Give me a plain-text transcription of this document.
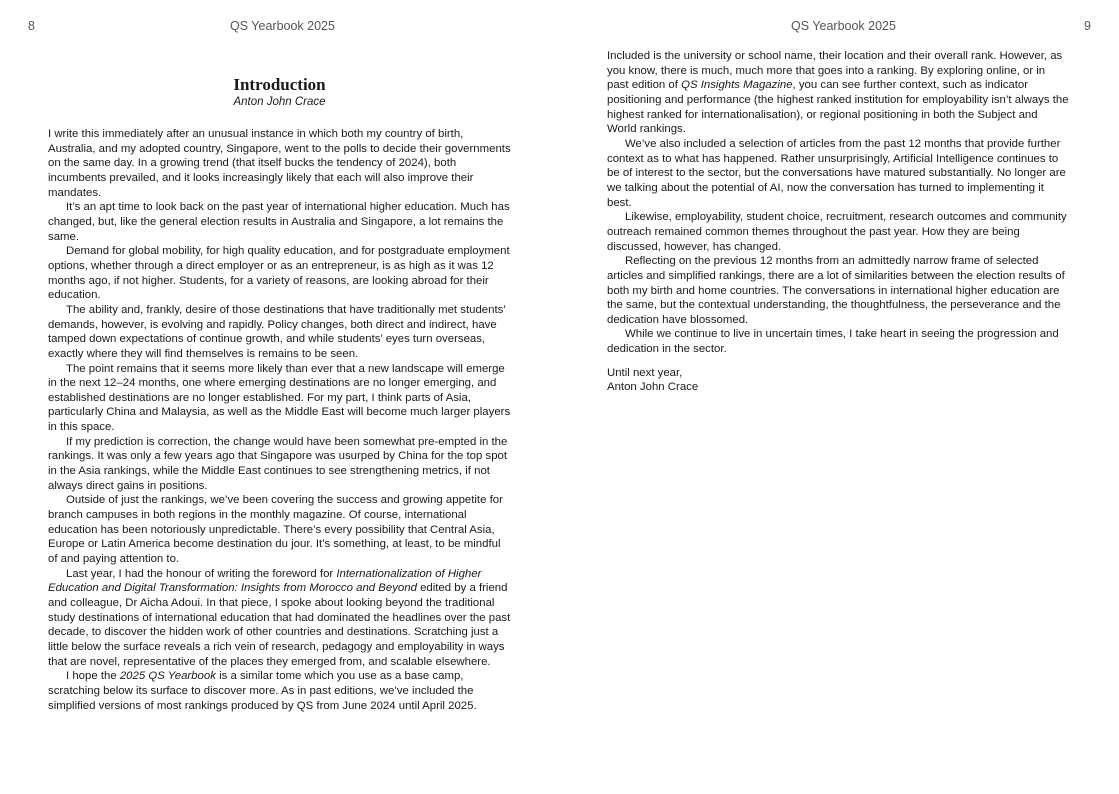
8	QS Yearbook 2025
Introduction
Anton John Crace

I write this immediately after an unusual instance in which both my country of birth, Australia, and my adopted country, Singapore, went to the polls to decide their governments on the same day. In a growing trend (that itself bucks the tendency of 2024), both incumbents prevailed, and it looks increasingly likely that each will also improve their mandates.

It’s an apt time to look back on the past year of international higher education. Much has changed, but, like the general election results in Australia and Singapore, a lot remains the same.

Demand for global mobility, for high quality education, and for postgraduate employment options, whether through a direct employer or as an entrepreneur, is as high as it was 12 months ago, if not higher. Students, for a variety of reasons, are looking abroad for their education.

The ability and, frankly, desire of those destinations that have traditionally met students’ demands, however, is evolving and rapidly. Policy changes, both direct and indirect, have tamped down expectations of continue growth, and while students’ eyes turn overseas, exactly where they will find themselves is remains to be seen.

The point remains that it seems more likely than ever that a new landscape will emerge in the next 12–24 months, one where emerging destinations are no longer emerging, and established destinations are no longer established. For my part, I think parts of Asia, particularly China and Malaysia, as well as the Middle East will become much larger players in this space.

If my prediction is correction, the change would have been somewhat pre-empted in the rankings. It was only a few years ago that Singapore was usurped by China for the top spot in the Asia rankings, while the Middle East continues to see strengthening metrics, if not always direct gains in positions.

Outside of just the rankings, we’ve been covering the success and growing appetite for branch campuses in both regions in the monthly magazine. Of course, international education has been notoriously unpredictable. There’s every possibility that Central Asia, Europe or Latin America become destination du jour. It’s something, at least, to be mindful of and paying attention to.

Last year, I had the honour of writing the foreword for Internationalization of Higher Education and Digital Transformation: Insights from Morocco and Beyond edited by a friend and colleague, Dr Aicha Adoui. In that piece, I spoke about looking beyond the traditional study destinations of international education that had dominated the headlines over the past decade, to discover the hidden work of other countries and destinations. Scratching just a little below the surface reveals a rich vein of research, pedagogy and employability in ways that are novel, representative of the places they emerged from, and scalable elsewhere.

I hope the 2025 QS Yearbook is a similar tome which you use as a base camp, scratching below its surface to discover more. As in past editions, we’ve included the simplified versions of most rankings produced by QS from June 2024 until April 2025.

QS Yearbook 2025	9

Included is the university or school name, their location and their overall rank. However, as you know, there is much, much more that goes into a ranking. By exploring online, or in past edition of QS Insights Magazine, you can see further context, such as indicator positioning and performance (the highest ranked institution for employability isn’t always the highest ranked for internationalisation), or regional positioning in both the Subject and World rankings.

We’ve also included a selection of articles from the past 12 months that provide further context as to what has happened. Rather unsurprisingly, Artificial Intelligence continues to be of interest to the sector, but the conversations have matured substantially. No longer are we talking about the potential of AI, now the conversation has turned to implementing it best.

Likewise, employability, student choice, recruitment, research outcomes and community outreach remained common themes throughout the past year. How they are being discussed, however, has changed.

Reflecting on the previous 12 months from an admittedly narrow frame of selected articles and simplified rankings, there are a lot of similarities between the election results of both my birth and home countries. The conversations in international higher education are the same, but the contextual understanding, the thoughtfulness, the perseverance and the dedication have blossomed.

While we continue to live in uncertain times, I take heart in seeing the progression and dedication in the sector.

Until next year,
Anton John Crace
